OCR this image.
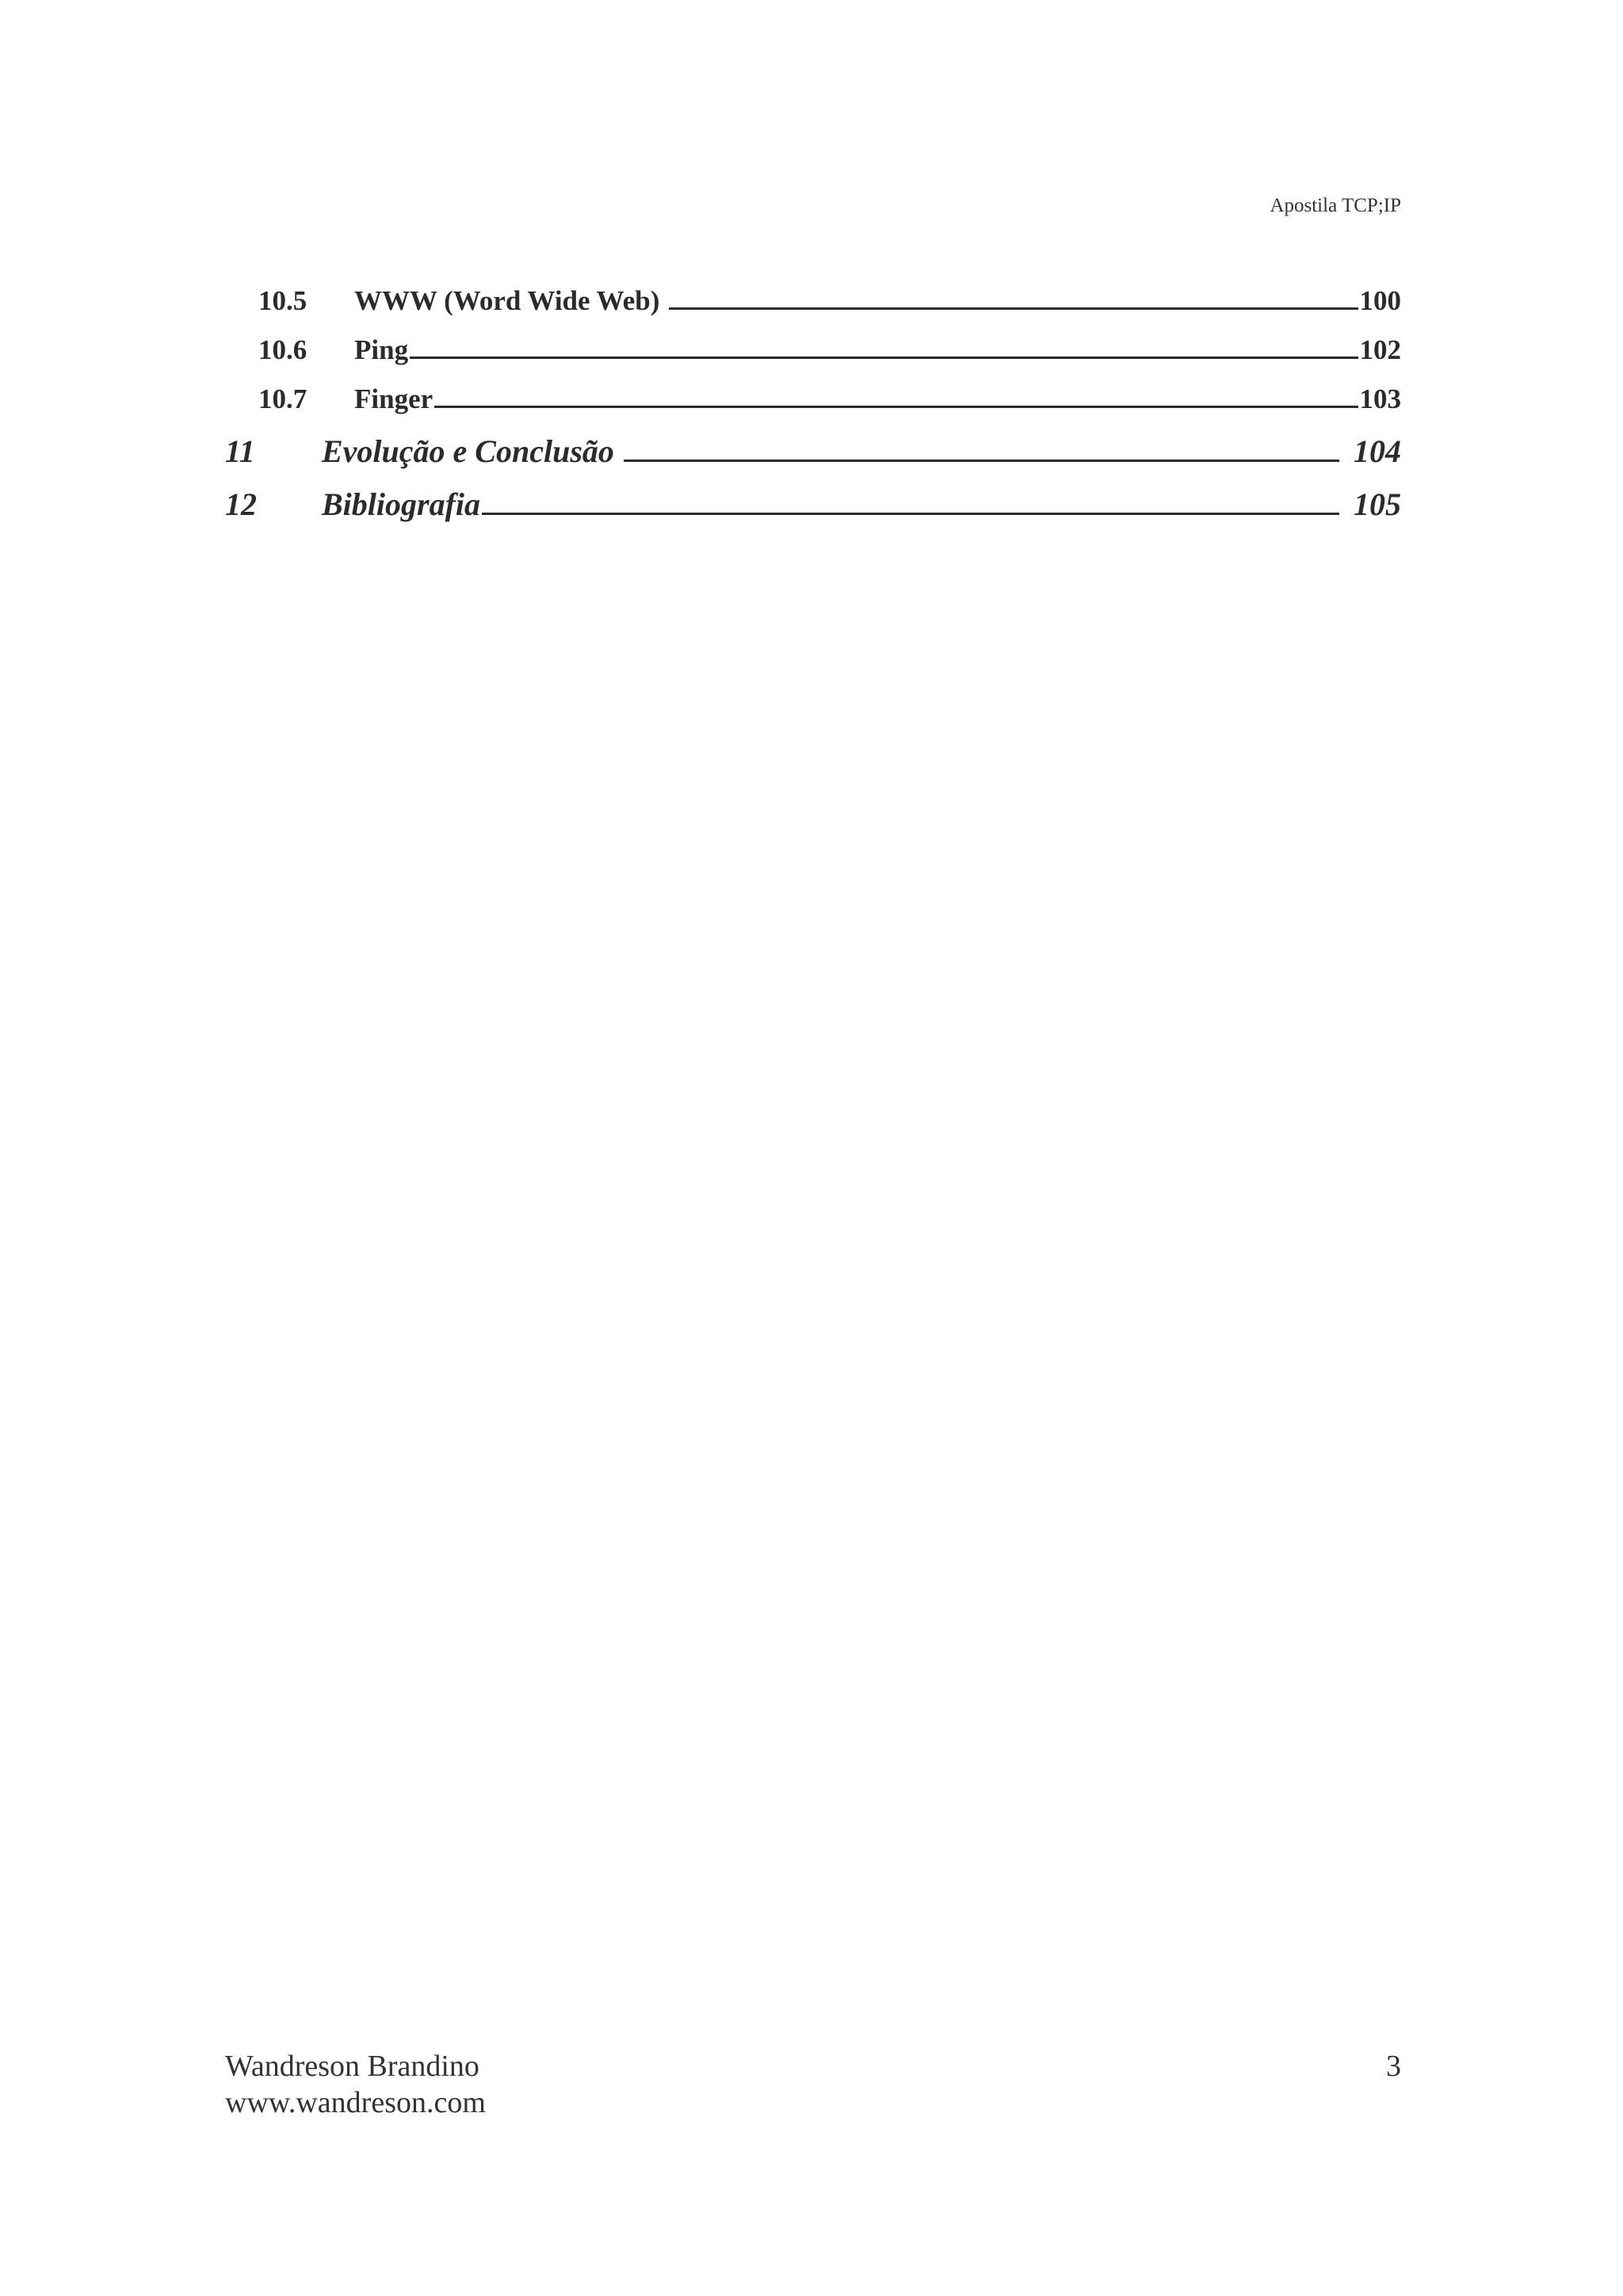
Apostila TCP;IP
10.5	WWW (Word Wide Web)	100
10.6	Ping	102
10.7	Finger	103
11	Evolução e Conclusão	104
12	Bibliografia	105
Wandreson Brandino
www.wandreson.com
3
